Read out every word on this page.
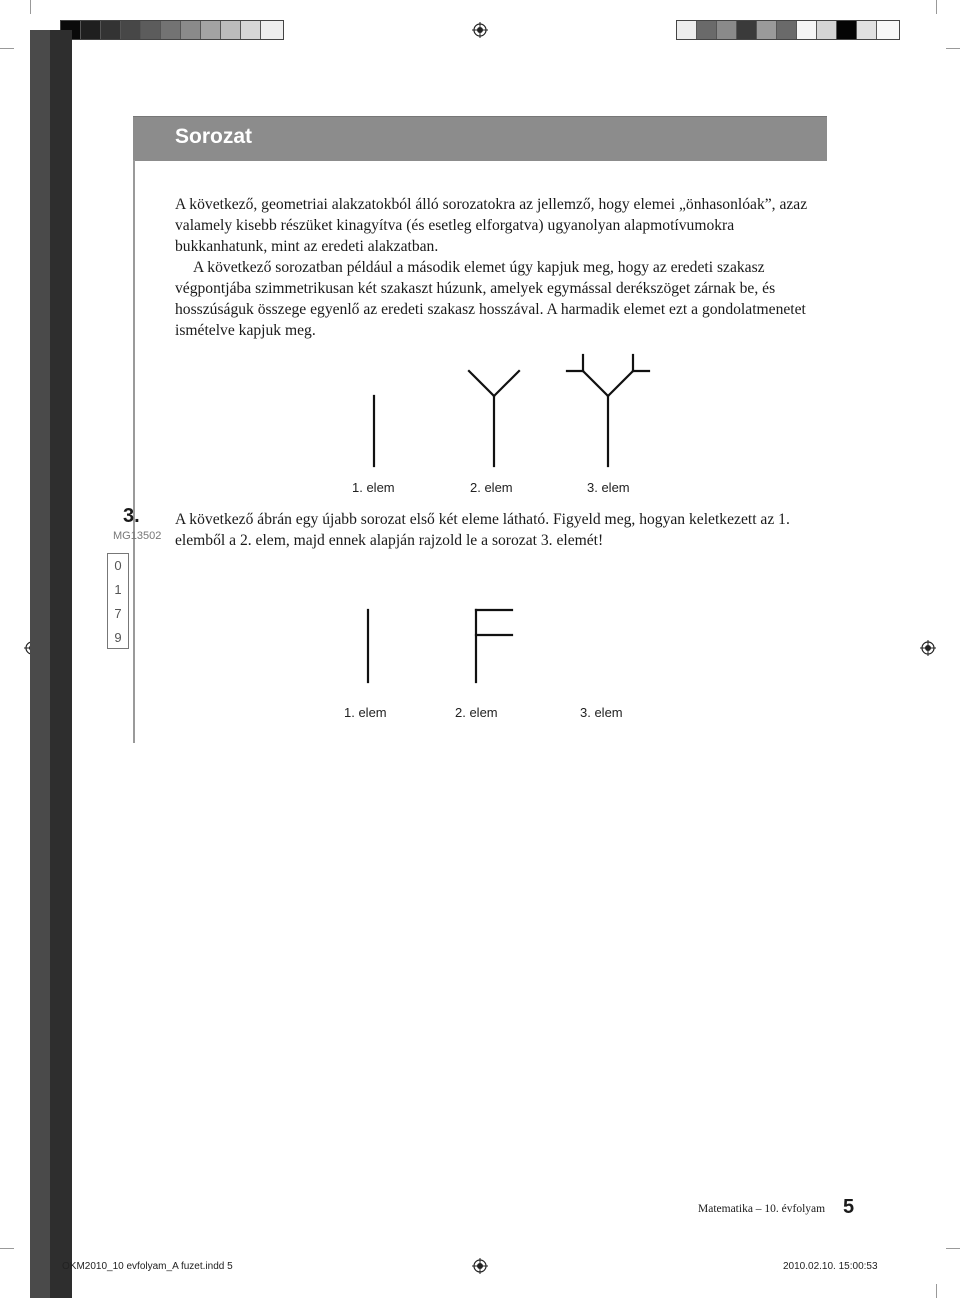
Sorozat

A következő, geometriai alakzatokból álló sorozatokra az jellemző, hogy elemei „önhasonlóak”, azaz valamely kisebb részüket kinagyítva (és esetleg elforgatva) ugyanolyan alapmotívumokra bukkanhatunk, mint az eredeti alakzatban.

A következő sorozatban például a második elemet úgy kapjuk meg, hogy az eredeti szakasz végpontjába szimmetrikusan két szakaszt húzunk, amelyek egymással derékszöget zárnak be, és hosszúságuk összege egyenlő az eredeti szakasz hosszával. A harmadik elemet ezt a gondolatmenetet ismételve kapjuk meg.

1. elem	2. elem	3. elem
3.
MG13502
0
1
7
9

A következő ábrán egy újabb sorozat első két eleme látható. Figyeld meg, hogyan keletkezett az 1. elemből a 2. elem, majd ennek alapján rajzold le a sorozat 3. elemét!

1. elem	2. elem	3. elem
Matematika – 10. évfolyam 5
OKM2010_10 evfolyam_A fuzet.indd 5	2010.02.10. 15:00:53
